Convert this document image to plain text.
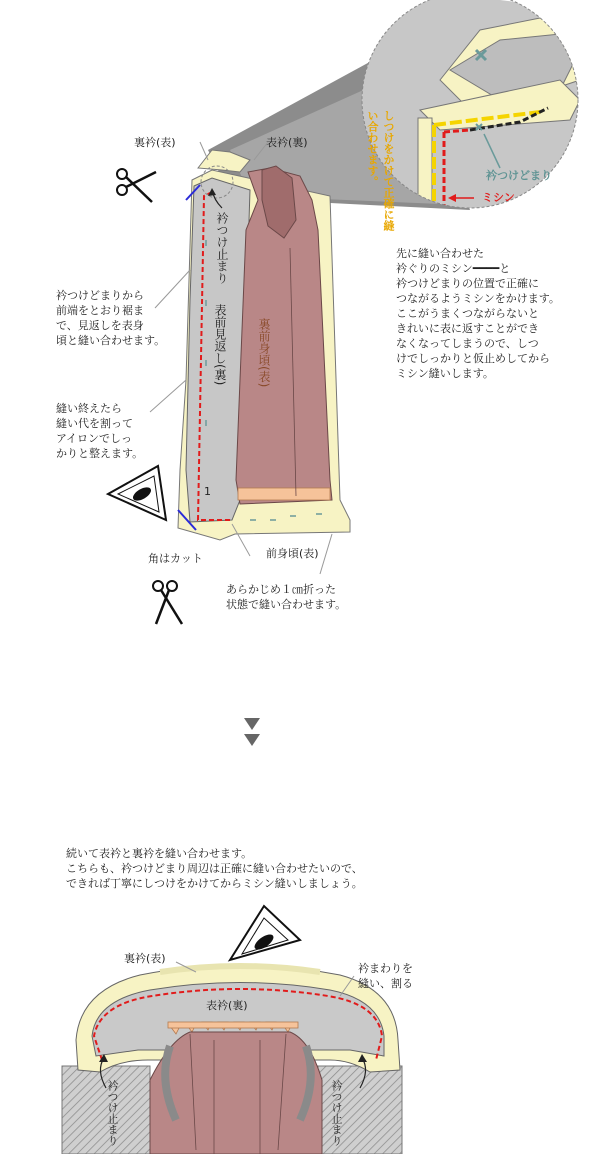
裏衿(表)	表衿(裏)
衿つけ止まり
表前見返し(裏)	裏前身頃(表)
1
角はカット	前身頃(表)
しつけをかけて正確に縫い合わせます。	衿つけどまり
ミシン
衿つけどまりから
前端をとおり裾ま
で、見返しを表身
頃と縫い合わせます。
縫い終えたら
縫い代を割って
アイロンでしっ
かりと整えます。
あらかじめ１㎝折った
状態で縫い合わせます。
先に縫い合わせた
衿ぐりのミシン━━━━と
衿つけどまりの位置で正確に
つながるようミシンをかけます。
ここがうまくつながらないと
きれいに表に返すことができ
なくなってしまうので、しつ
けでしっかりと仮止めしてから
ミシン縫いします。
続いて表衿と裏衿を縫い合わせます。
こちらも、衿つけどまり周辺は正確に縫い合わせたいので、
できれば丁寧にしつけをかけてからミシン縫いしましょう。
裏衿(表)
表衿(裏)
衿まわりを
縫い、割る
衿つけ止まり	衿つけ止まり
